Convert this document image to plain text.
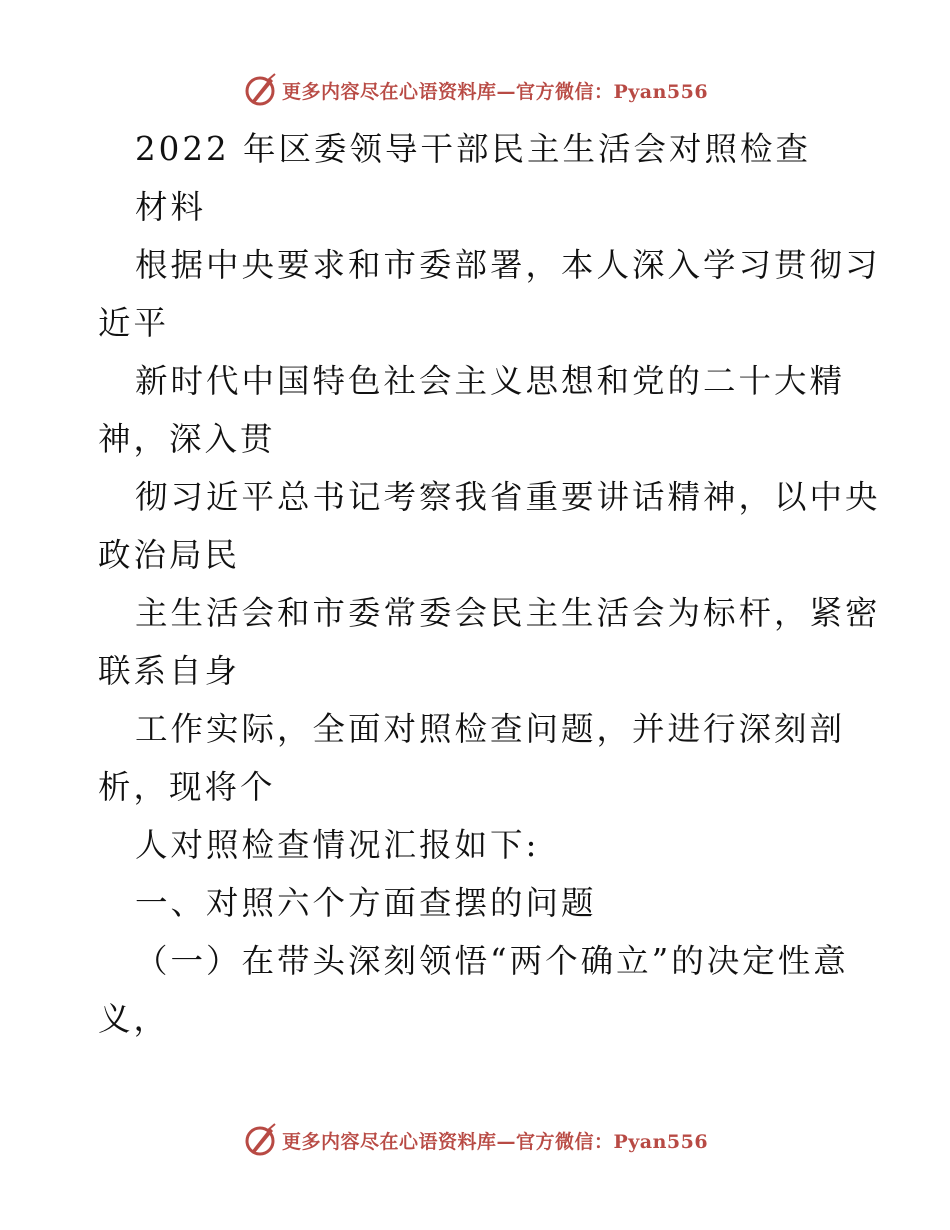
更多内容尽在心语资料库—官方微信：Pyan556
2022 年区委领导干部民主生活会对照检查
材料
根据中央要求和市委部署，本人深入学习贯彻习
近平
新时代中国特色社会主义思想和党的二十大精
神，深入贯
彻习近平总书记考察我省重要讲话精神，以中央
政治局民
主生活会和市委常委会民主生活会为标杆，紧密
联系自身
工作实际，全面对照检查问题，并进行深刻剖
析，现将个
人对照检查情况汇报如下:
一、对照六个方面查摆的问题
（一）在带头深刻领悟“两个确立”的决定性意
义，
更多内容尽在心语资料库—官方微信：Pyan556
